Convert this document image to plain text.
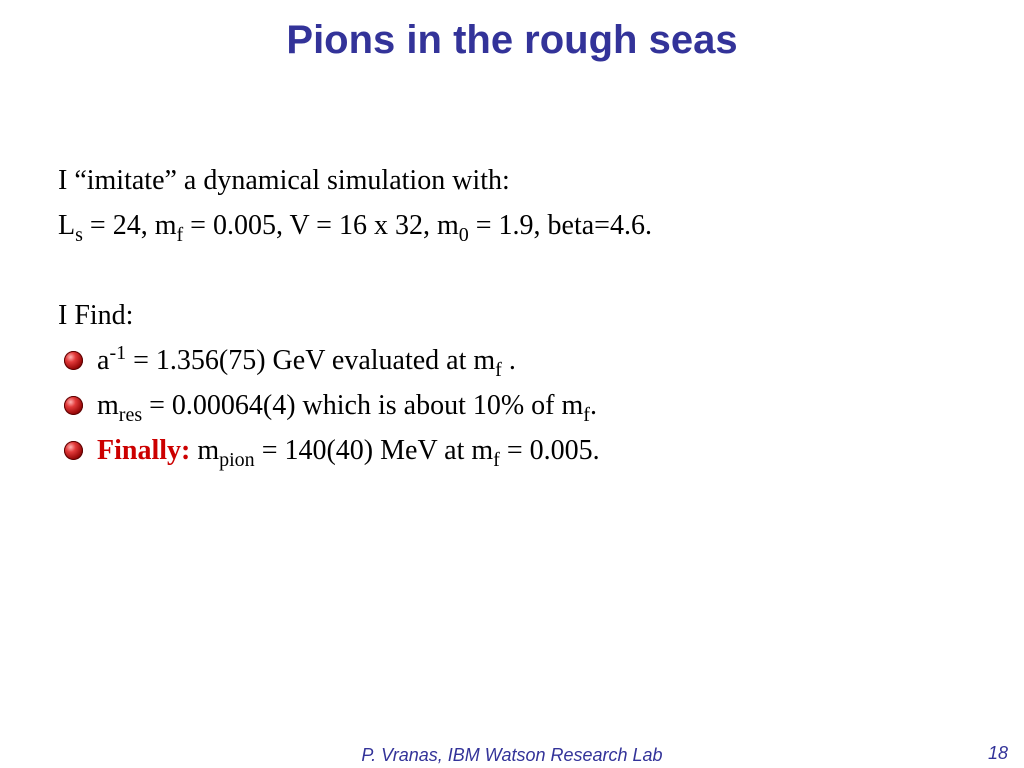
Pions in the rough seas
I “imitate” a dynamical simulation with:
$L_s = 24$, $m_f = 0.005$, V = 16 x 32, $m_0 = 1.9$, beta=4.6.
I Find:
$a^{-1} = 1.356(75)$ GeV evaluated at $m_f$ .
$m_{res} = 0.00064(4)$ which is about 10% of $m_f$.
Finally: $m_{pion} = 140(40)$ MeV at $m_f = 0.005$.
P. Vranas, IBM Watson Research Lab	18
